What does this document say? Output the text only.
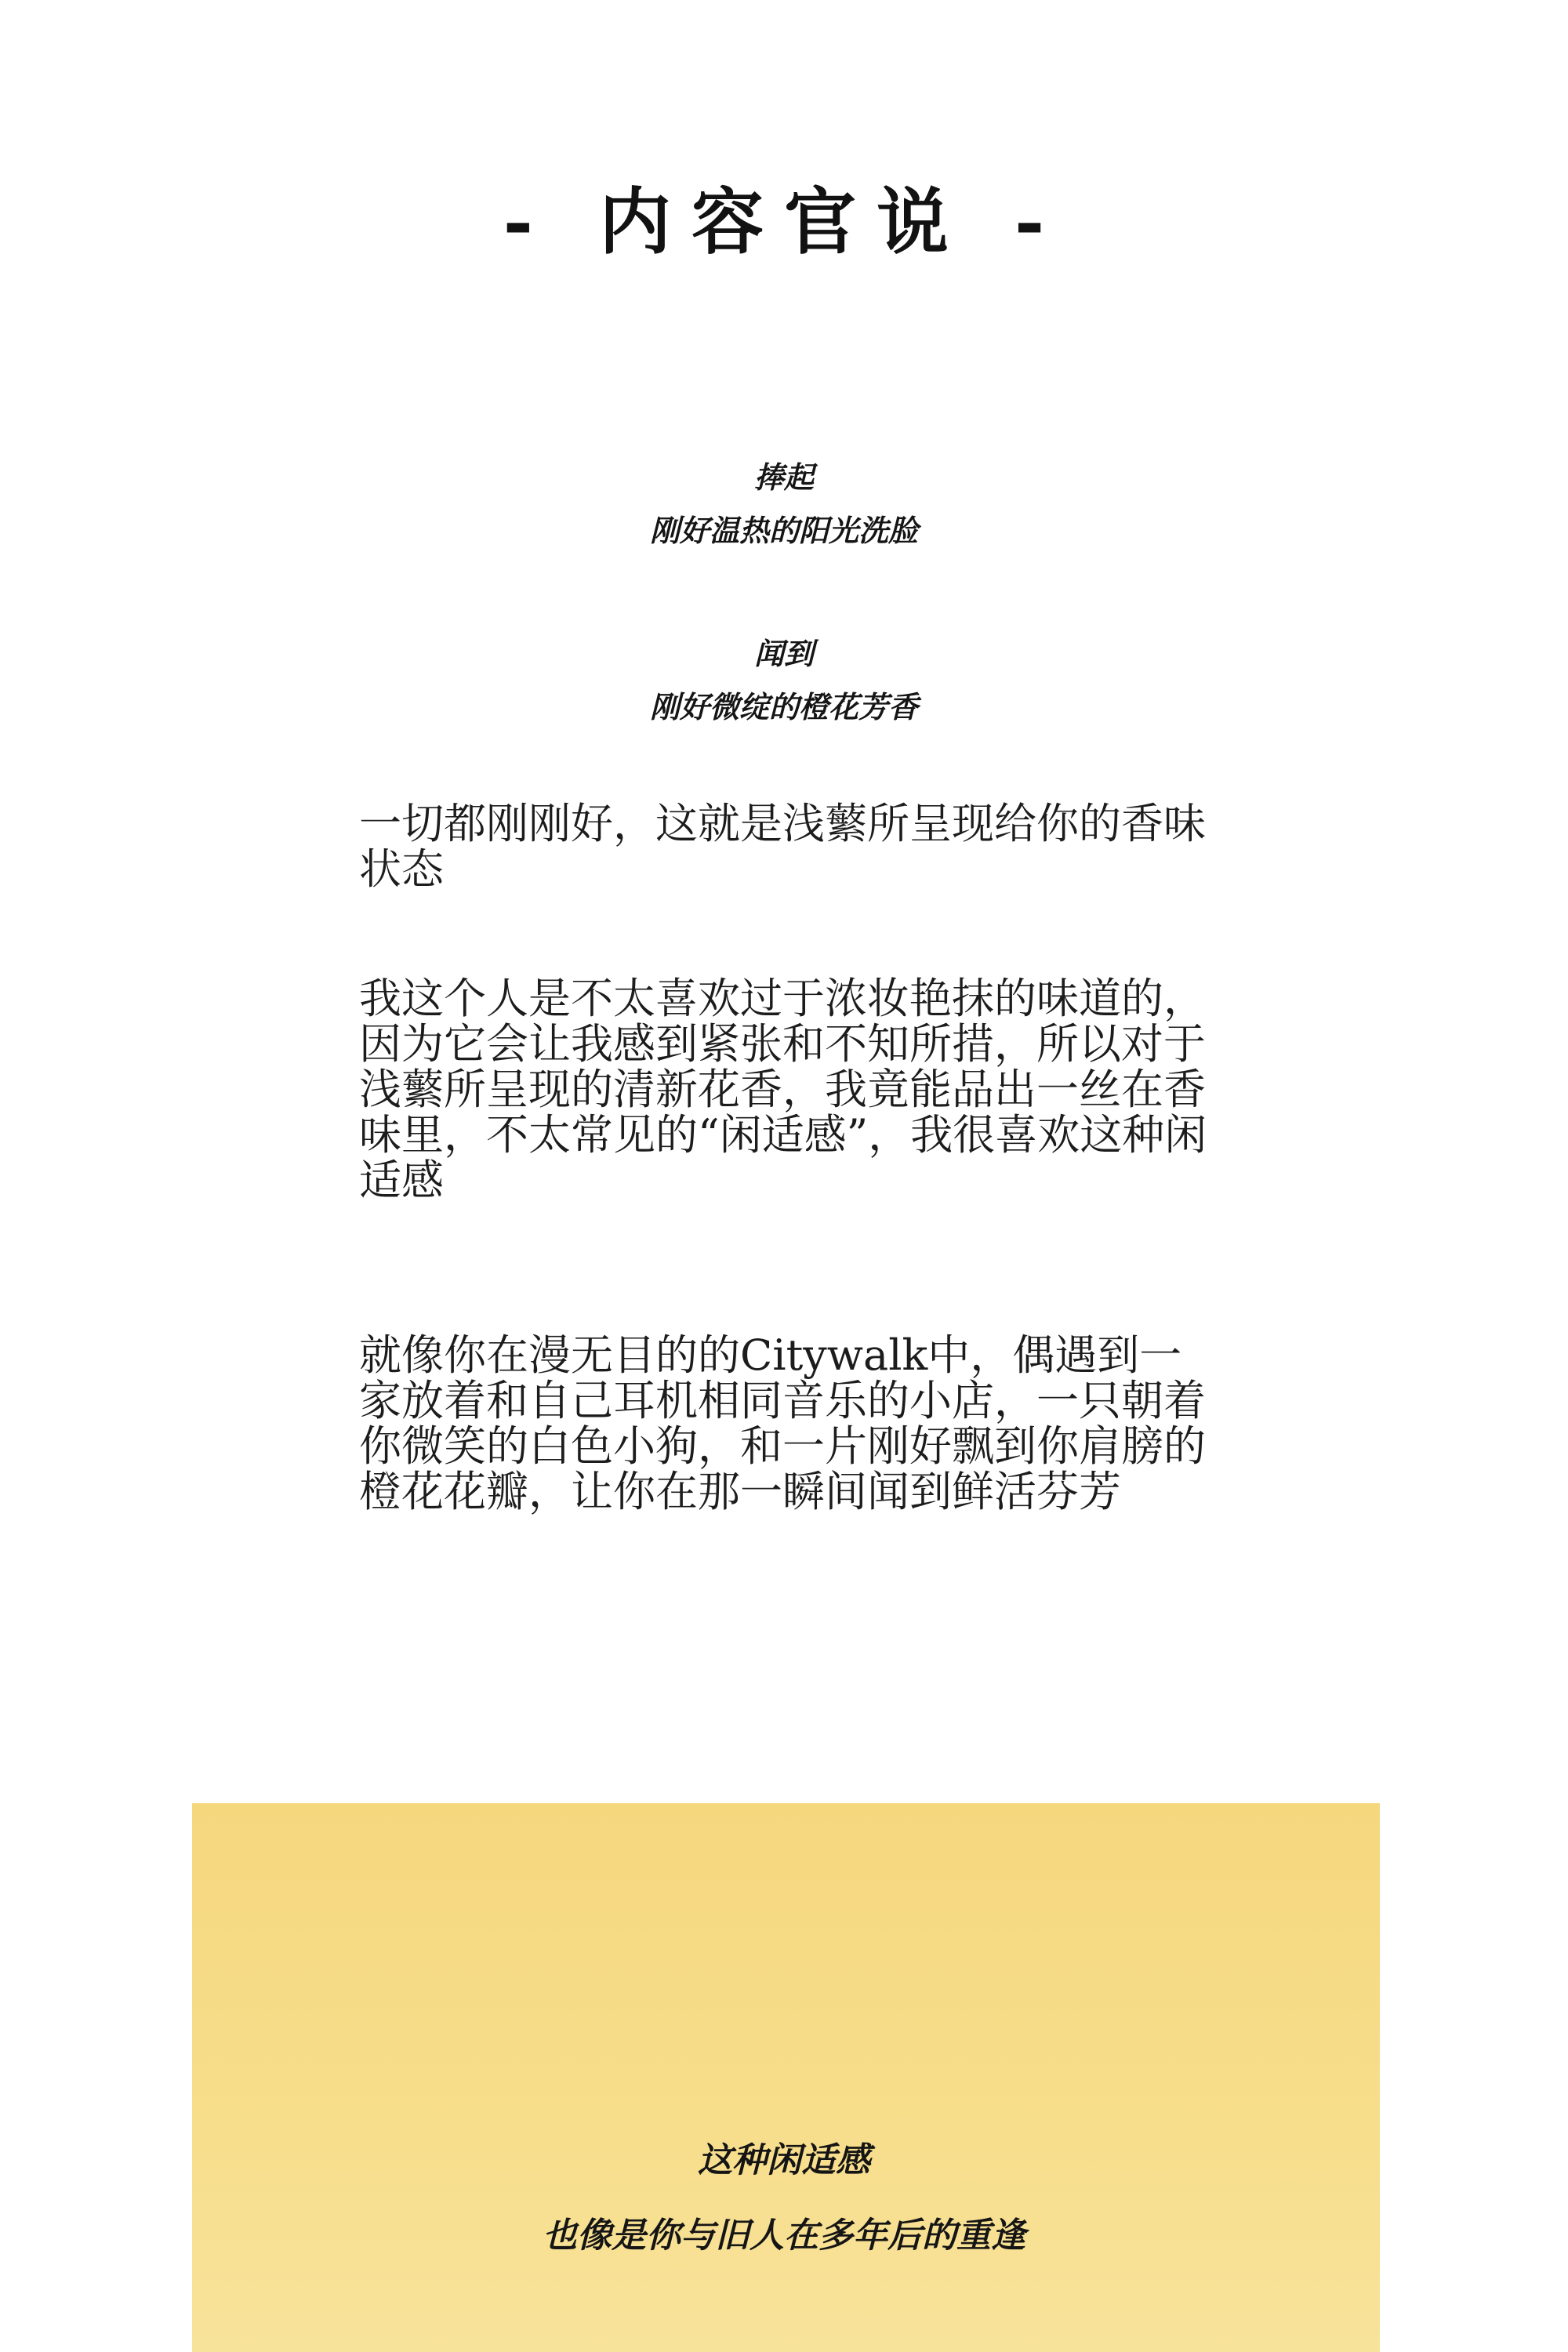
- 内容官说 -
捧起
刚好温热的阳光洗脸
闻到
刚好微绽的橙花芳香
一切都刚刚好，这就是浅蘩所呈现给你的香味状态
我这个人是不太喜欢过于浓妆艳抹的味道的，因为它会让我感到紧张和不知所措，所以对于浅蘩所呈现的清新花香，我竟能品出一丝在香味里，不太常见的“闲适感”，我很喜欢这种闲适感
就像你在漫无目的的Citywalk中，偶遇到一家放着和自己耳机相同音乐的小店，一只朝着你微笑的白色小狗，和一片刚好飘到你肩膀的橙花花瓣，让你在那一瞬间闻到鲜活芬芳
这种闲适感
也像是你与旧人在多年后的重逢
